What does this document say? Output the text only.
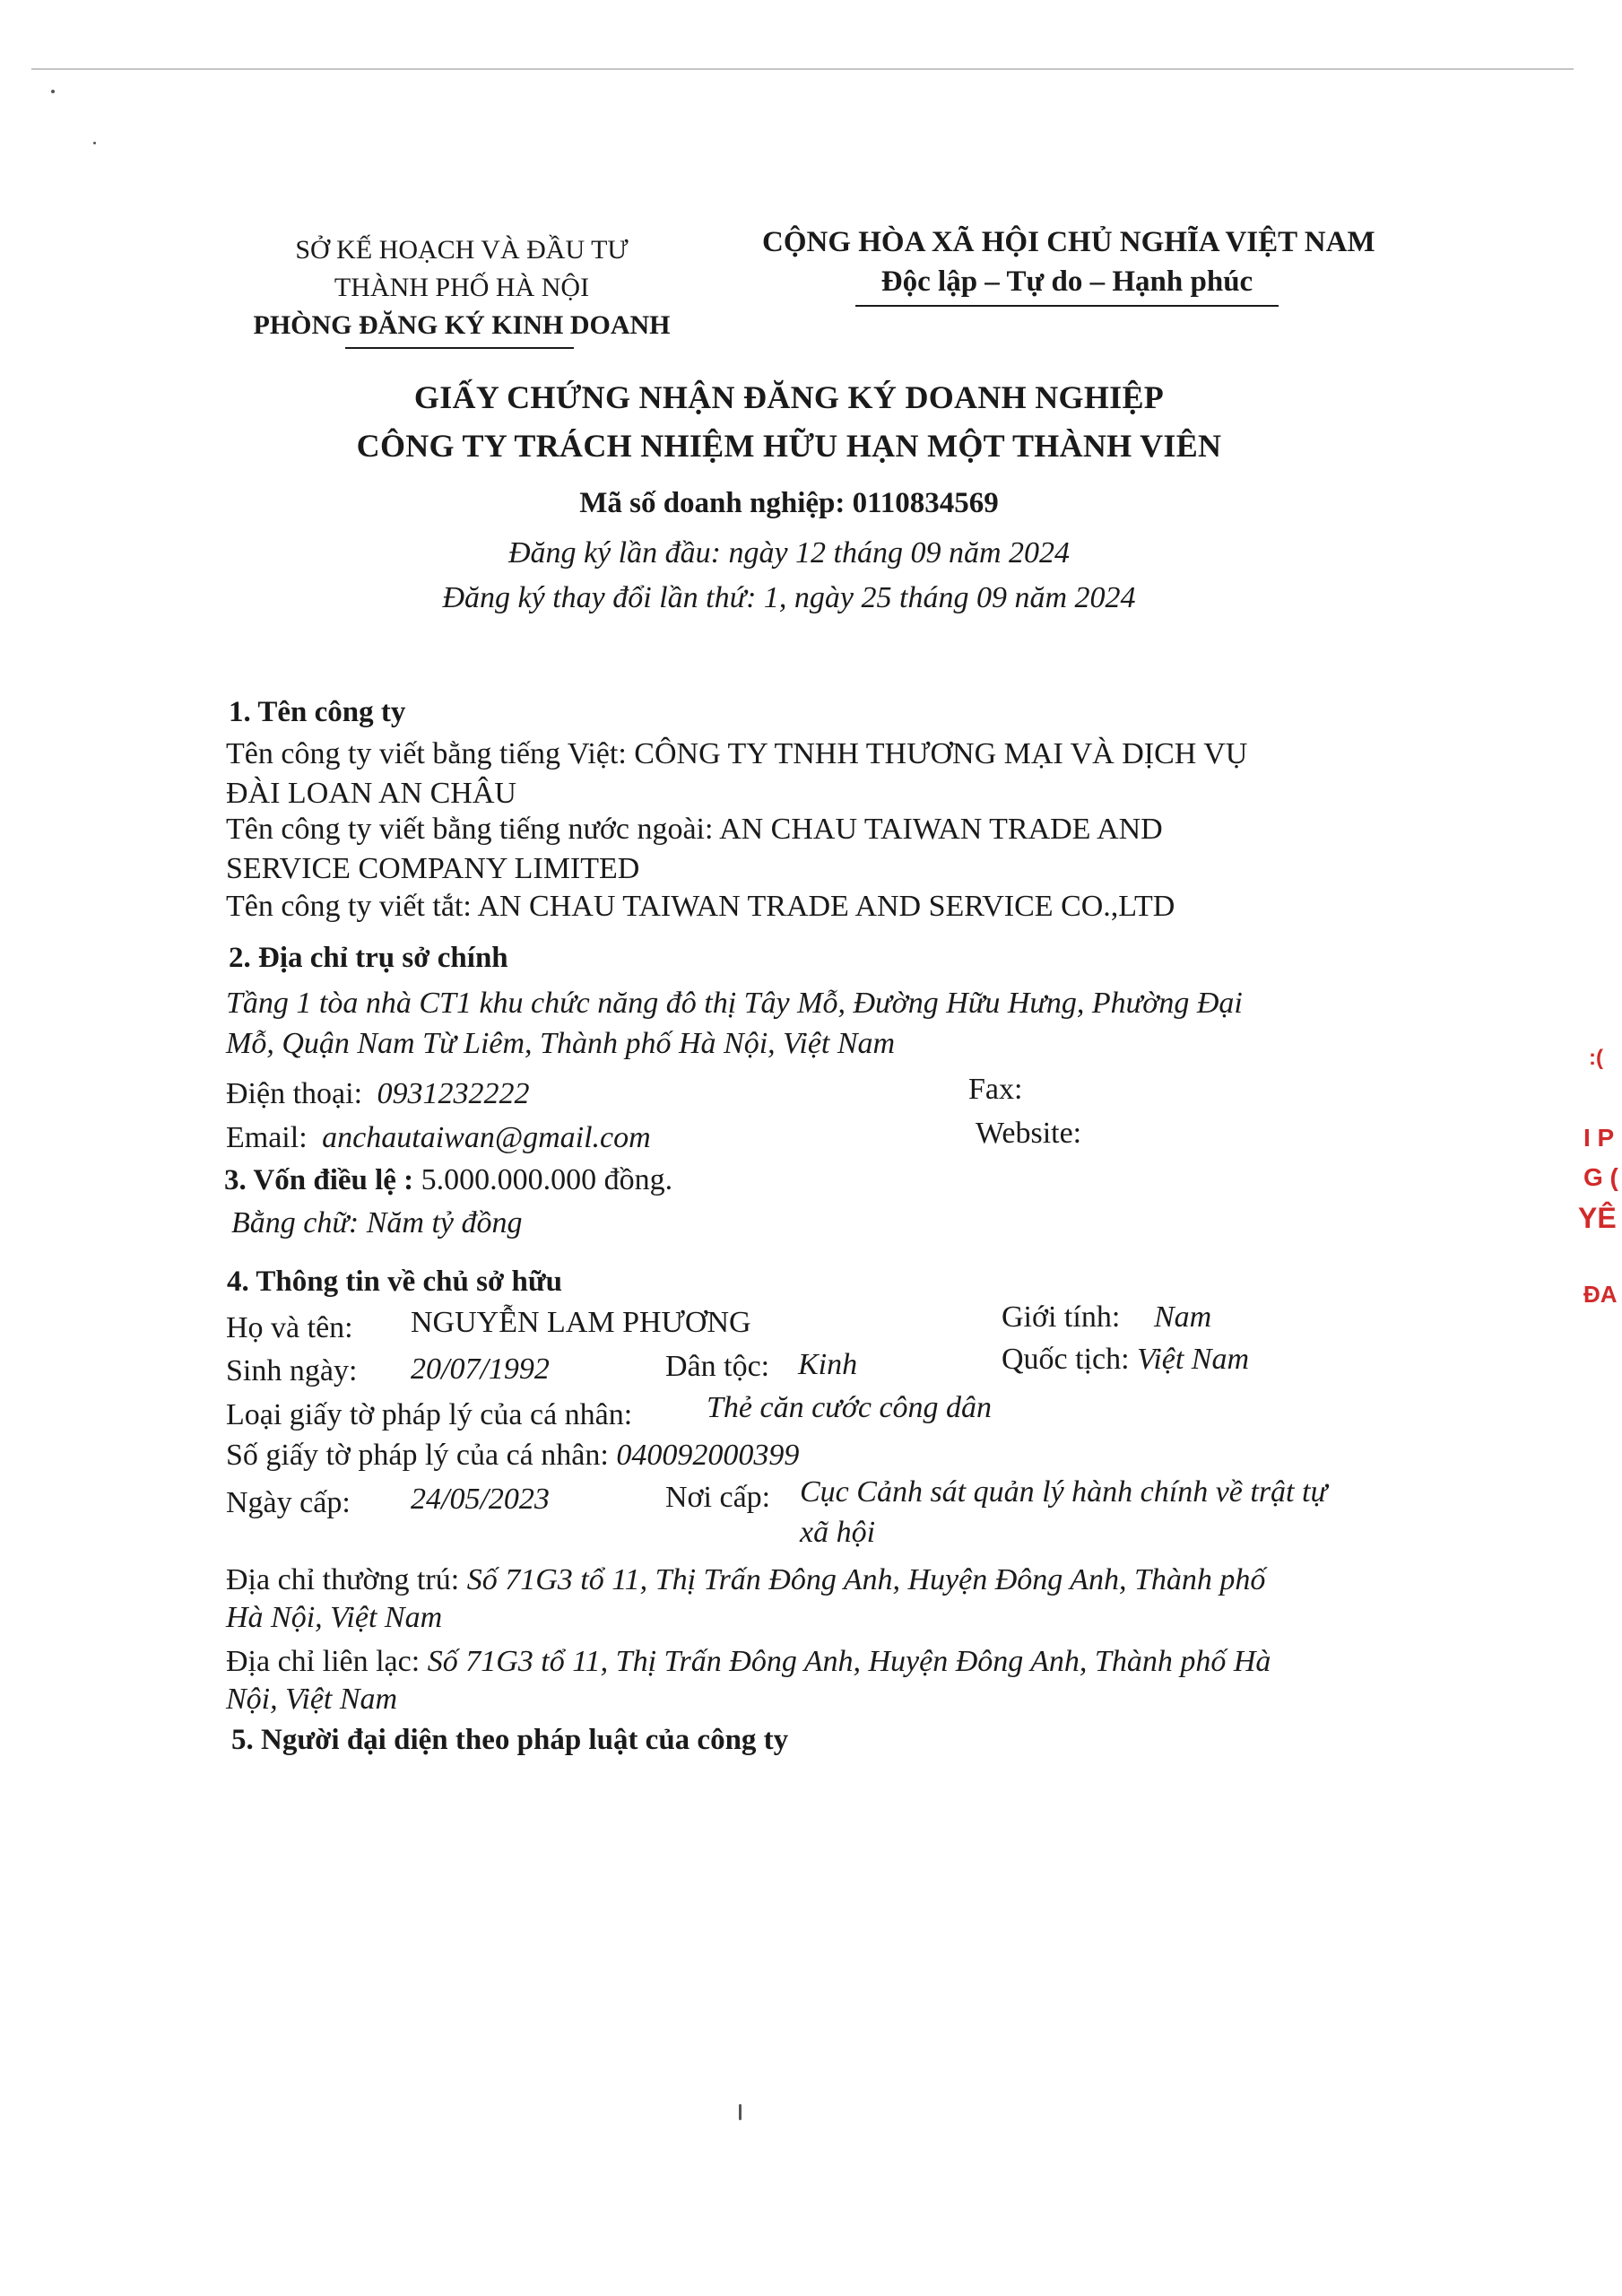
SỞ KẾ HOẠCH VÀ ĐẦU TƯ
THÀNH PHỐ HÀ NỘI
PHÒNG ĐĂNG KÝ KINH DOANH
CỘNG HÒA XÃ HỘI CHỦ NGHĨA VIỆT NAM
Độc lập – Tự do – Hạnh phúc
GIẤY CHỨNG NHẬN ĐĂNG KÝ DOANH NGHIỆP
CÔNG TY TRÁCH NHIỆM HỮU HẠN MỘT THÀNH VIÊN
Mã số doanh nghiệp: 0110834569
Đăng ký lần đầu: ngày 12 tháng 09 năm 2024
Đăng ký thay đổi lần thứ: 1, ngày 25 tháng 09 năm 2024
1. Tên công ty
Tên công ty viết bằng tiếng Việt: CÔNG TY TNHH THƯƠNG MẠI VÀ DỊCH VỤ
ĐÀI LOAN AN CHÂU
Tên công ty viết bằng tiếng nước ngoài: AN CHAU TAIWAN TRADE AND
SERVICE COMPANY LIMITED
Tên công ty viết tắt: AN CHAU TAIWAN TRADE AND SERVICE CO.,LTD
2. Địa chỉ trụ sở chính
Tầng 1 tòa nhà CT1 khu chức năng đô thị Tây Mỗ, Đường Hữu Hưng, Phường Đại
Mỗ, Quận Nam Từ Liêm, Thành phố Hà Nội, Việt Nam
Điện thoại: 0931232222	Fax:
Email: anchautaiwan@gmail.com	Website:
3. Vốn điều lệ : 5.000.000.000 đồng.
Bằng chữ: Năm tỷ đồng
4. Thông tin về chủ sở hữu
Họ và tên: NGUYỄN LAM PHƯƠNG	Giới tính: Nam
Sinh ngày: 20/07/1992	Dân tộc: Kinh	Quốc tịch: Việt Nam
Loại giấy tờ pháp lý của cá nhân: Thẻ căn cước công dân
Số giấy tờ pháp lý của cá nhân: 040092000399
Ngày cấp: 24/05/2023	Nơi cấp: Cục Cảnh sát quản lý hành chính về trật tự
xã hội
Địa chỉ thường trú: Số 71G3 tổ 11, Thị Trấn Đông Anh, Huyện Đông Anh, Thành phố
Hà Nội, Việt Nam
Địa chỉ liên lạc: Số 71G3 tổ 11, Thị Trấn Đông Anh, Huyện Đông Anh, Thành phố Hà
Nội, Việt Nam
5. Người đại diện theo pháp luật của công ty
:(
I P
G (
YÊ
ĐA
